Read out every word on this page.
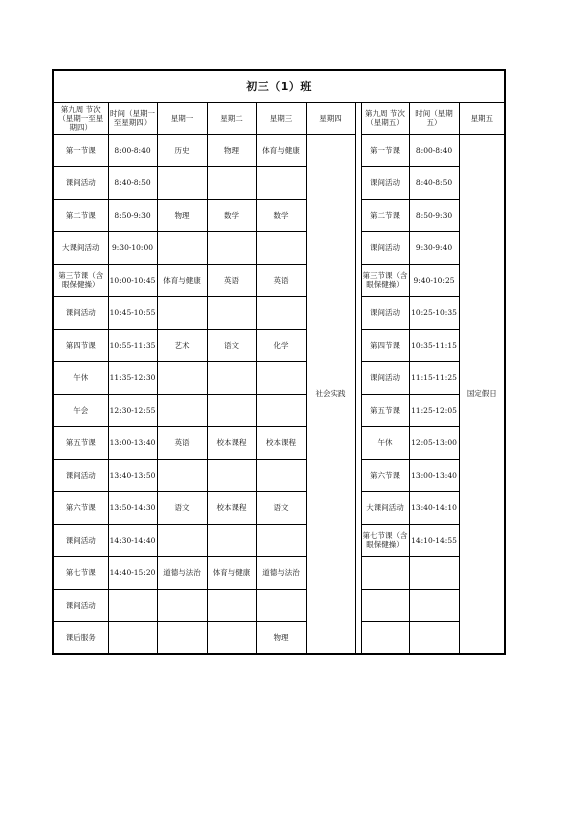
初三（1）班									
第九周 节次（星期一至星期四）	时间（星期一至星期四）	星期一	星期二	星期三	星期四		第九周 节次（星期五）	时间（星期五）	星期五
第一节课	8:00-8:40	历史	物理	体育与健康	社会实践		第一节课	8:00-8:40	国定假日
课间活动	8:40-8:50						课间活动	8:40-8:50	
第二节课	8:50-9:30	物理	数学	数学			第二节课	8:50-9:30	
大课间活动	9:30-10:00						课间活动	9:30-9:40	
第三节课（含眼保健操）	10:00-10:45	体育与健康	英语	英语			第三节课（含眼保健操）	9:40-10:25	
课间活动	10:45-10:55						课间活动	10:25-10:35	
第四节课	10:55-11:35	艺术	语文	化学			第四节课	10:35-11:15	
午休	11:35-12:30						课间活动	11:15-11:25	
午会	12:30-12:55						第五节课	11:25-12:05	
第五节课	13:00-13:40	英语	校本课程	校本课程			午休	12:05-13:00	
课间活动	13:40-13:50						第六节课	13:00-13:40	
第六节课	13:50-14:30	语文	校本课程	语文			大课间活动	13:40-14:10	
课间活动	14:30-14:40						第七节课（含眼保健操）	14:10-14:55	
第七节课	14:40-15:20	道德与法治	体育与健康	道德与法治					
课间活动									
课后服务				物理					
